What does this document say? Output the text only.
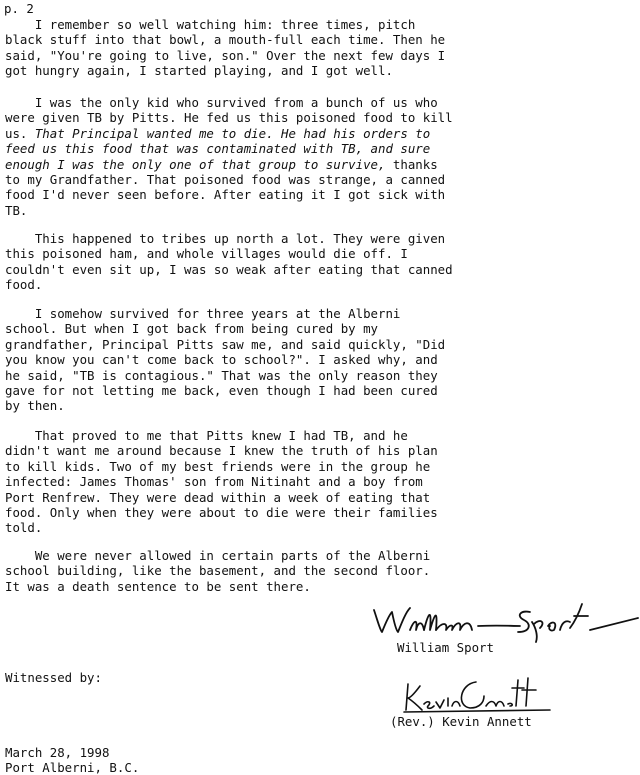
p. 2
I remember so well watching him: three times, pitch
black stuff into that bowl, a mouth-full each time. Then he
said, "You're going to live, son." Over the next few days I
got hungry again, I started playing, and I got well.
I was the only kid who survived from a bunch of us who
were given TB by Pitts. He fed us this poisoned food to kill
us. That Principal wanted me to die. He had his orders to
feed us this food that was contaminated with TB, and sure
enough I was the only one of that group to survive, thanks
to my Grandfather. That poisoned food was strange, a canned
food I'd never seen before. After eating it I got sick with
TB.
This happened to tribes up north a lot. They were given
this poisoned ham, and whole villages would die off. I
couldn't even sit up, I was so weak after eating that canned
food.
I somehow survived for three years at the Alberni
school. But when I got back from being cured by my
grandfather, Principal Pitts saw me, and said quickly, "Did
you know you can't come back to school?". I asked why, and
he said, "TB is contagious." That was the only reason they
gave for not letting me back, even though I had been cured
by then.
That proved to me that Pitts knew I had TB, and he
didn't want me around because I knew the truth of his plan
to kill kids. Two of my best friends were in the group he
infected: James Thomas' son from Nitinaht and a boy from
Port Renfrew. They were dead within a week of eating that
food. Only when they were about to die were their families
told.
We were never allowed in certain parts of the Alberni
school building, like the basement, and the second floor.
It was a death sentence to be sent there.
William Sport
Witnessed by:
(Rev.) Kevin Annett
March 28, 1998
Port Alberni, B.C.
